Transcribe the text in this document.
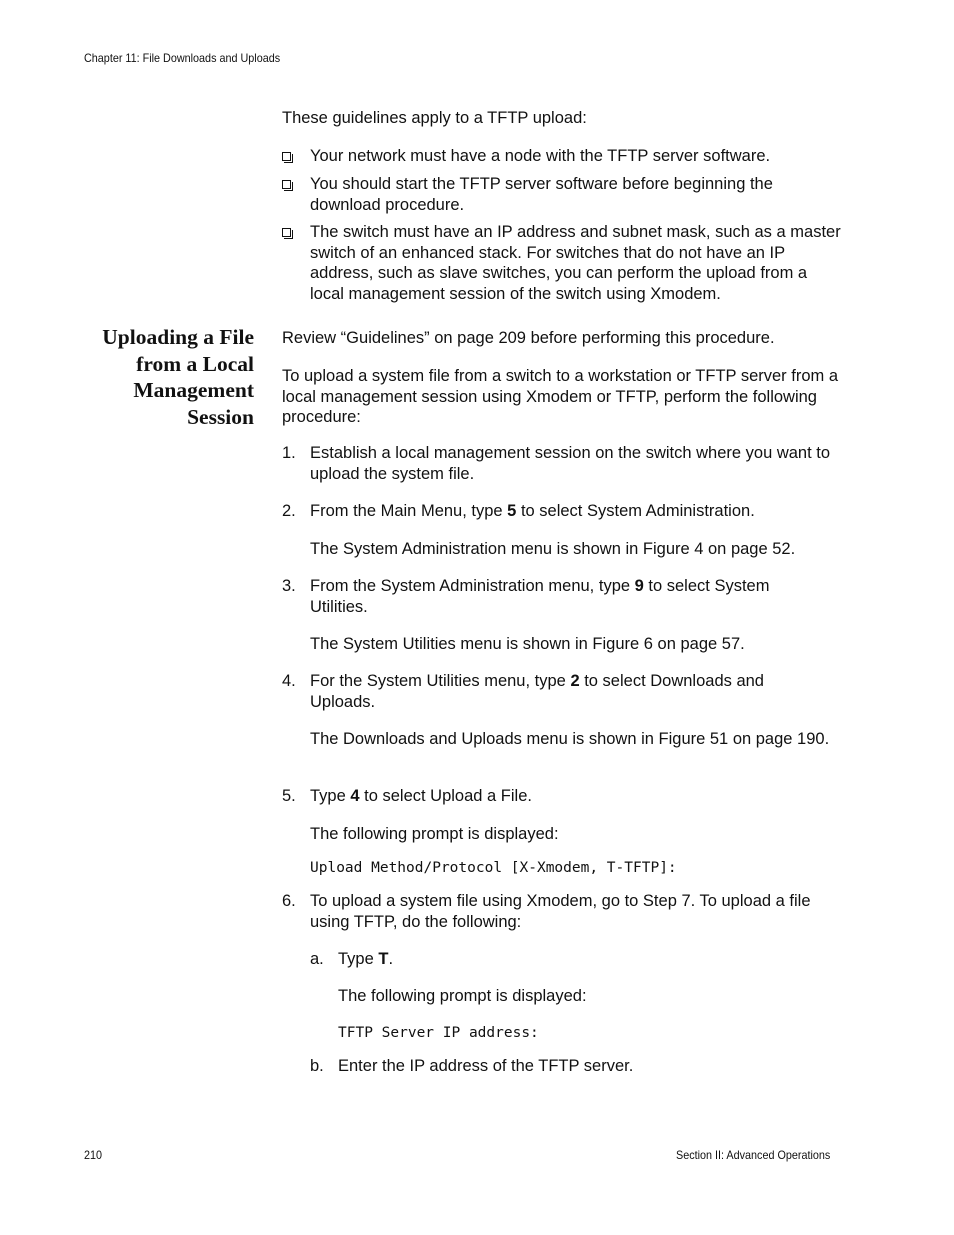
Chapter 11: File Downloads and Uploads
These guidelines apply to a TFTP upload:
Your network must have a node with the TFTP server software.
You should start the TFTP server software before beginning the download procedure.
The switch must have an IP address and subnet mask, such as a master switch of an enhanced stack. For switches that do not have an IP address, such as slave switches, you can perform the upload from a local management session of the switch using Xmodem.
Uploading a File
from a Local
Management
Session
Review “Guidelines” on page 209 before performing this procedure.
To upload a system file from a switch to a workstation or TFTP server from a local management session using Xmodem or TFTP, perform the following procedure:
1. Establish a local management session on the switch where you want to upload the system file.
2. From the Main Menu, type 5 to select System Administration.
The System Administration menu is shown in Figure 4 on page 52.
3. From the System Administration menu, type 9 to select System Utilities.
The System Utilities menu is shown in Figure 6 on page 57.
4. For the System Utilities menu, type 2 to select Downloads and Uploads.
The Downloads and Uploads menu is shown in Figure 51 on page 190.
5. Type 4 to select Upload a File.
The following prompt is displayed:
Upload Method/Protocol [X-Xmodem, T-TFTP]:
6. To upload a system file using Xmodem, go to Step 7. To upload a file using TFTP, do the following:
a. Type T.
The following prompt is displayed:
TFTP Server IP address:
b. Enter the IP address of the TFTP server.
210	Section II: Advanced Operations
